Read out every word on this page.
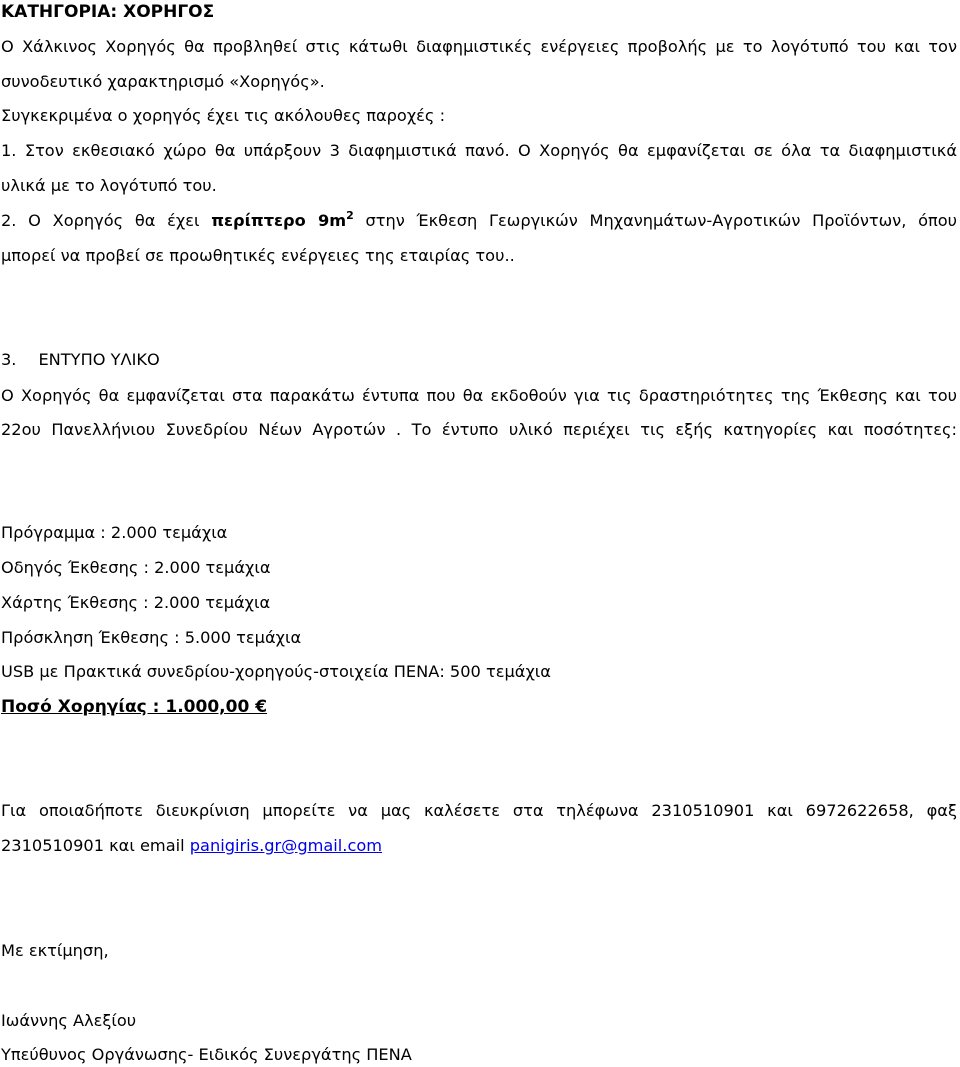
ΚΑΤΗΓΟΡΙΑ: ΧΟΡΗΓΟΣ
Ο Χάλκινος Χορηγός θα προβληθεί στις κάτωθι διαφημιστικές ενέργειες προβολής με το λογότυπό του και τον
συνοδευτικό χαρακτηρισμό «Χορηγός».
Συγκεκριμένα ο χορηγός έχει τις ακόλουθες παροχές :
1. Στον εκθεσιακό χώρο θα υπάρξουν 3 διαφημιστικά πανό. Ο Χορηγός θα εμφανίζεται σε όλα τα διαφημιστικά
υλικά με το λογότυπό του.
2. Ο Χορηγός θα έχει περίπτερο $9m^2$ στην Έκθεση Γεωργικών Μηχανημάτων-Αγροτικών Προϊόντων, όπου
μπορεί να προβεί σε προωθητικές ενέργειες της εταιρίας του..
3. ΕΝΤΥΠΟ ΥΛΙΚΟ
Ο Χορηγός θα εμφανίζεται στα παρακάτω έντυπα που θα εκδοθούν για τις δραστηριότητες της Έκθεσης και του
22ου Πανελλήνιου Συνεδρίου Νέων Αγροτών . Το έντυπο υλικό περιέχει τις εξής κατηγορίες και ποσότητες:
Πρόγραμμα : 2.000 τεμάχια
Οδηγός Έκθεσης : 2.000 τεμάχια
Χάρτης Έκθεσης : 2.000 τεμάχια
Πρόσκληση Έκθεσης : 5.000 τεμάχια
USB με Πρακτικά συνεδρίου-χορηγούς-στοιχεία ΠΕΝΑ: 500 τεμάχια
Ποσό Χορηγίας : 1.000,00 €
Για οποιαδήποτε διευκρίνιση μπορείτε να μας καλέσετε στα τηλέφωνα 2310510901 και 6972622658, φαξ
2310510901 και email panigiris.gr@gmail.com
Με εκτίμηση,
Ιωάννης Αλεξίου
Υπεύθυνος Οργάνωσης- Ειδικός Συνεργάτης ΠΕΝΑ
